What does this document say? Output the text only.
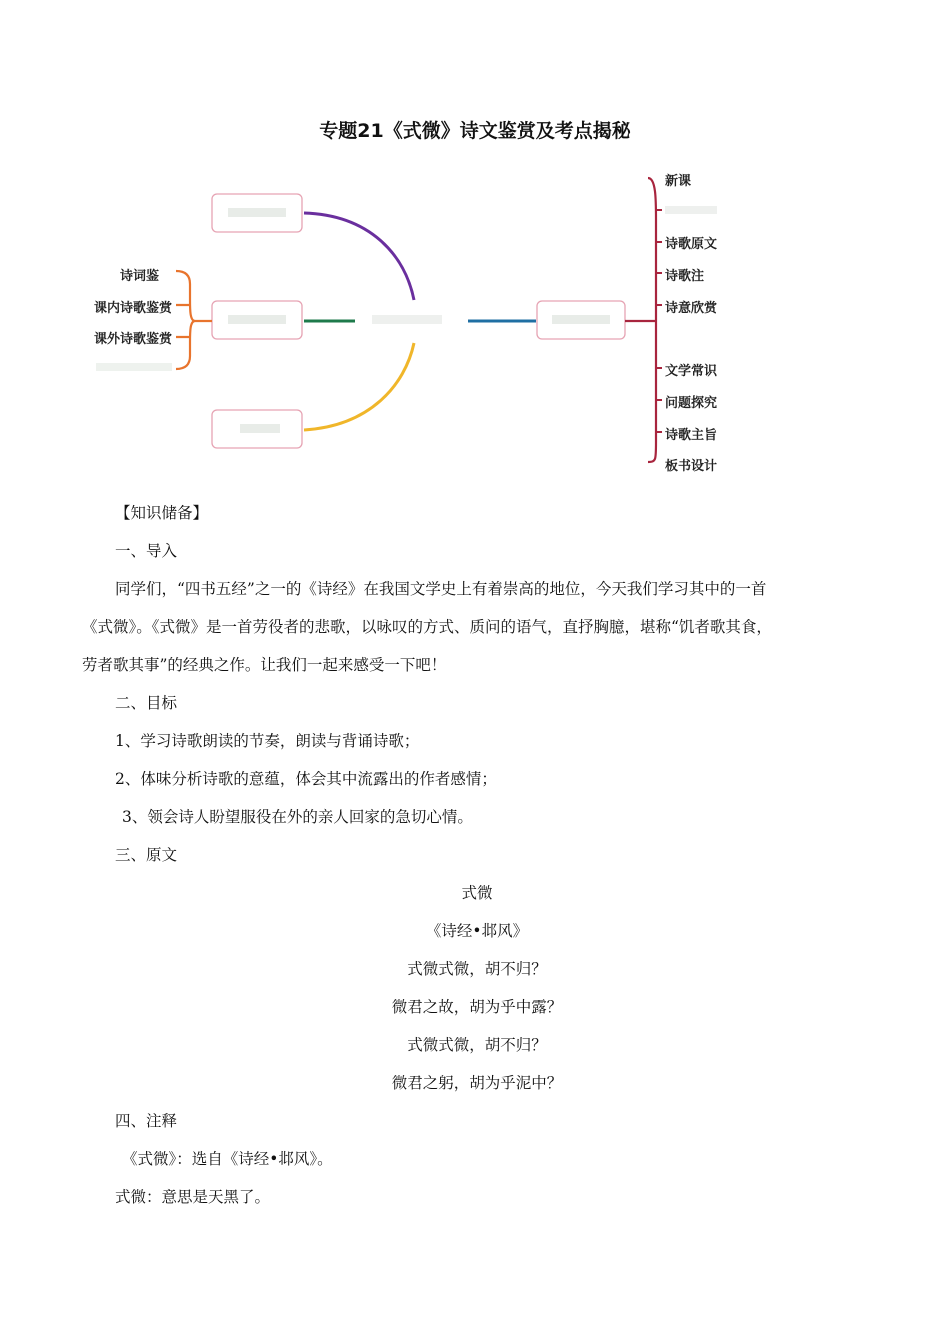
专题21《式微》诗文鉴赏及考点揭秘
诗词鉴
课内诗歌鉴赏
课外诗歌鉴赏
新课
诗歌原文
诗歌注
诗意欣赏
文学常识
问题探究
诗歌主旨
板书设计

【知识储备】

一、导入

同学们，“四书五经”之一的《诗经》在我国文学史上有着崇高的地位，今天我们学习其中的一首

《式微》。《式微》是一首劳役者的悲歌，以咏叹的方式、质问的语气，直抒胸臆，堪称“饥者歌其食，

劳者歌其事”的经典之作。让我们一起来感受一下吧！

二、目标

1、学习诗歌朗读的节奏，朗读与背诵诗歌；

2、体味分析诗歌的意蕴，体会其中流露出的作者感情；

3、领会诗人盼望服役在外的亲人回家的急切心情。

三、原文

式微

《诗经•邶风》

式微式微，胡不归？

微君之故，胡为乎中露？

式微式微，胡不归？

微君之躬，胡为乎泥中？

四、注释

《式微》：选自《诗经•邶风》。

式微：意思是天黑了。
